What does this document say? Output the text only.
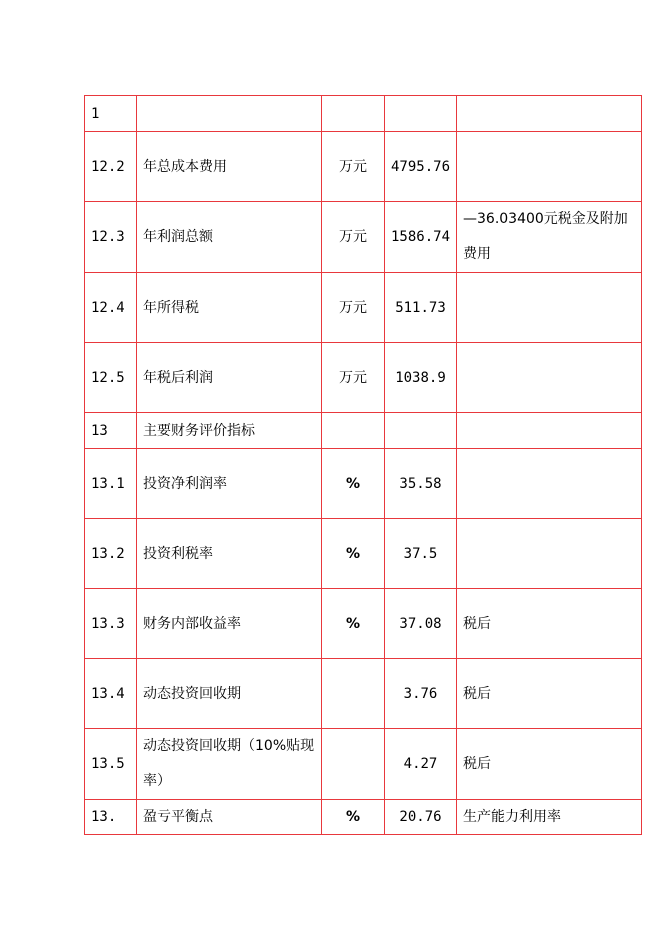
1				
12.2	年总成本费用	万元	4795.76	
12.3	年利润总额	万元	1586.74	—36.03400元税金及附加费用
12.4	年所得税	万元	511.73	
12.5	年税后利润	万元	1038.9	
13	主要财务评价指标			
13.1	投资净利润率	%	35.58	
13.2	投资利税率	%	37.5	
13.3	财务内部收益率	%	37.08	税后
13.4	动态投资回收期		3.76	税后
13.5	动态投资回收期（10%贴现率）		4.27	税后
13.	盈亏平衡点	%	20.76	生产能力利用率
